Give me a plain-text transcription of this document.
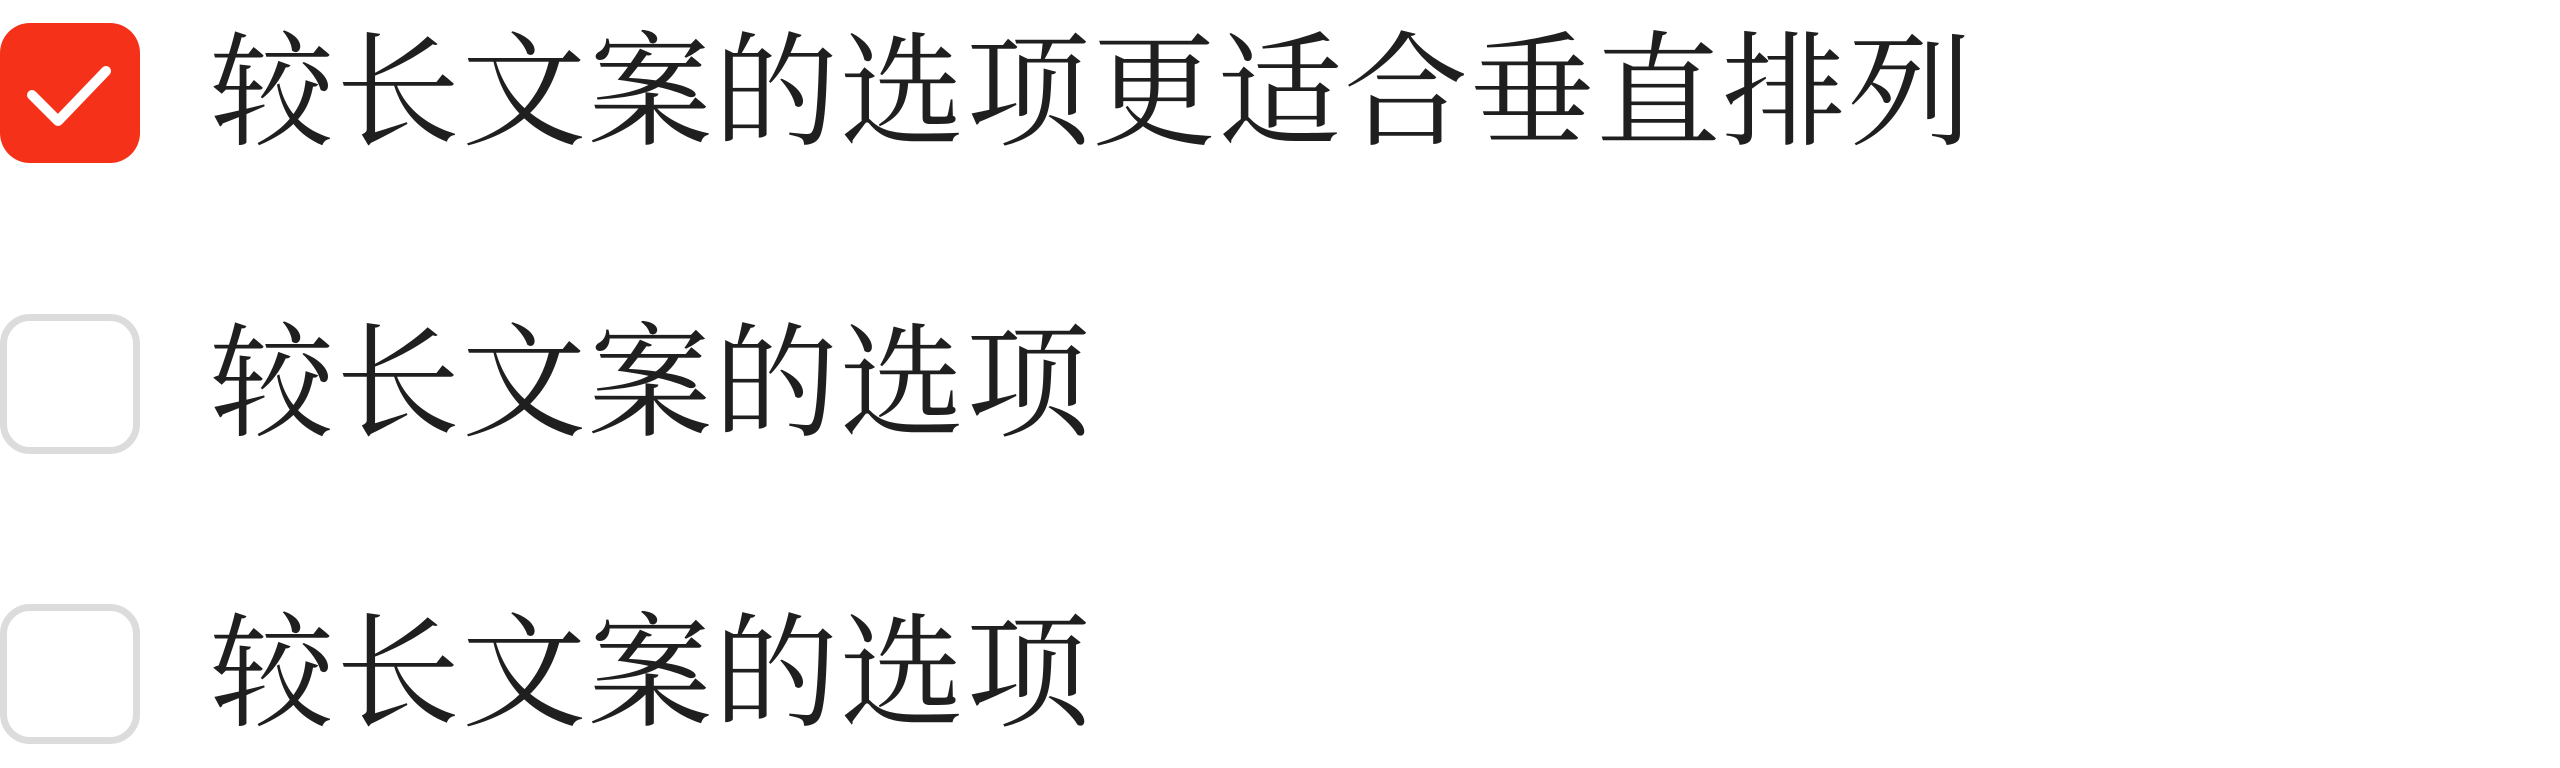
较长文案的选项更适合垂直排列
较长文案的选项
较长文案的选项
